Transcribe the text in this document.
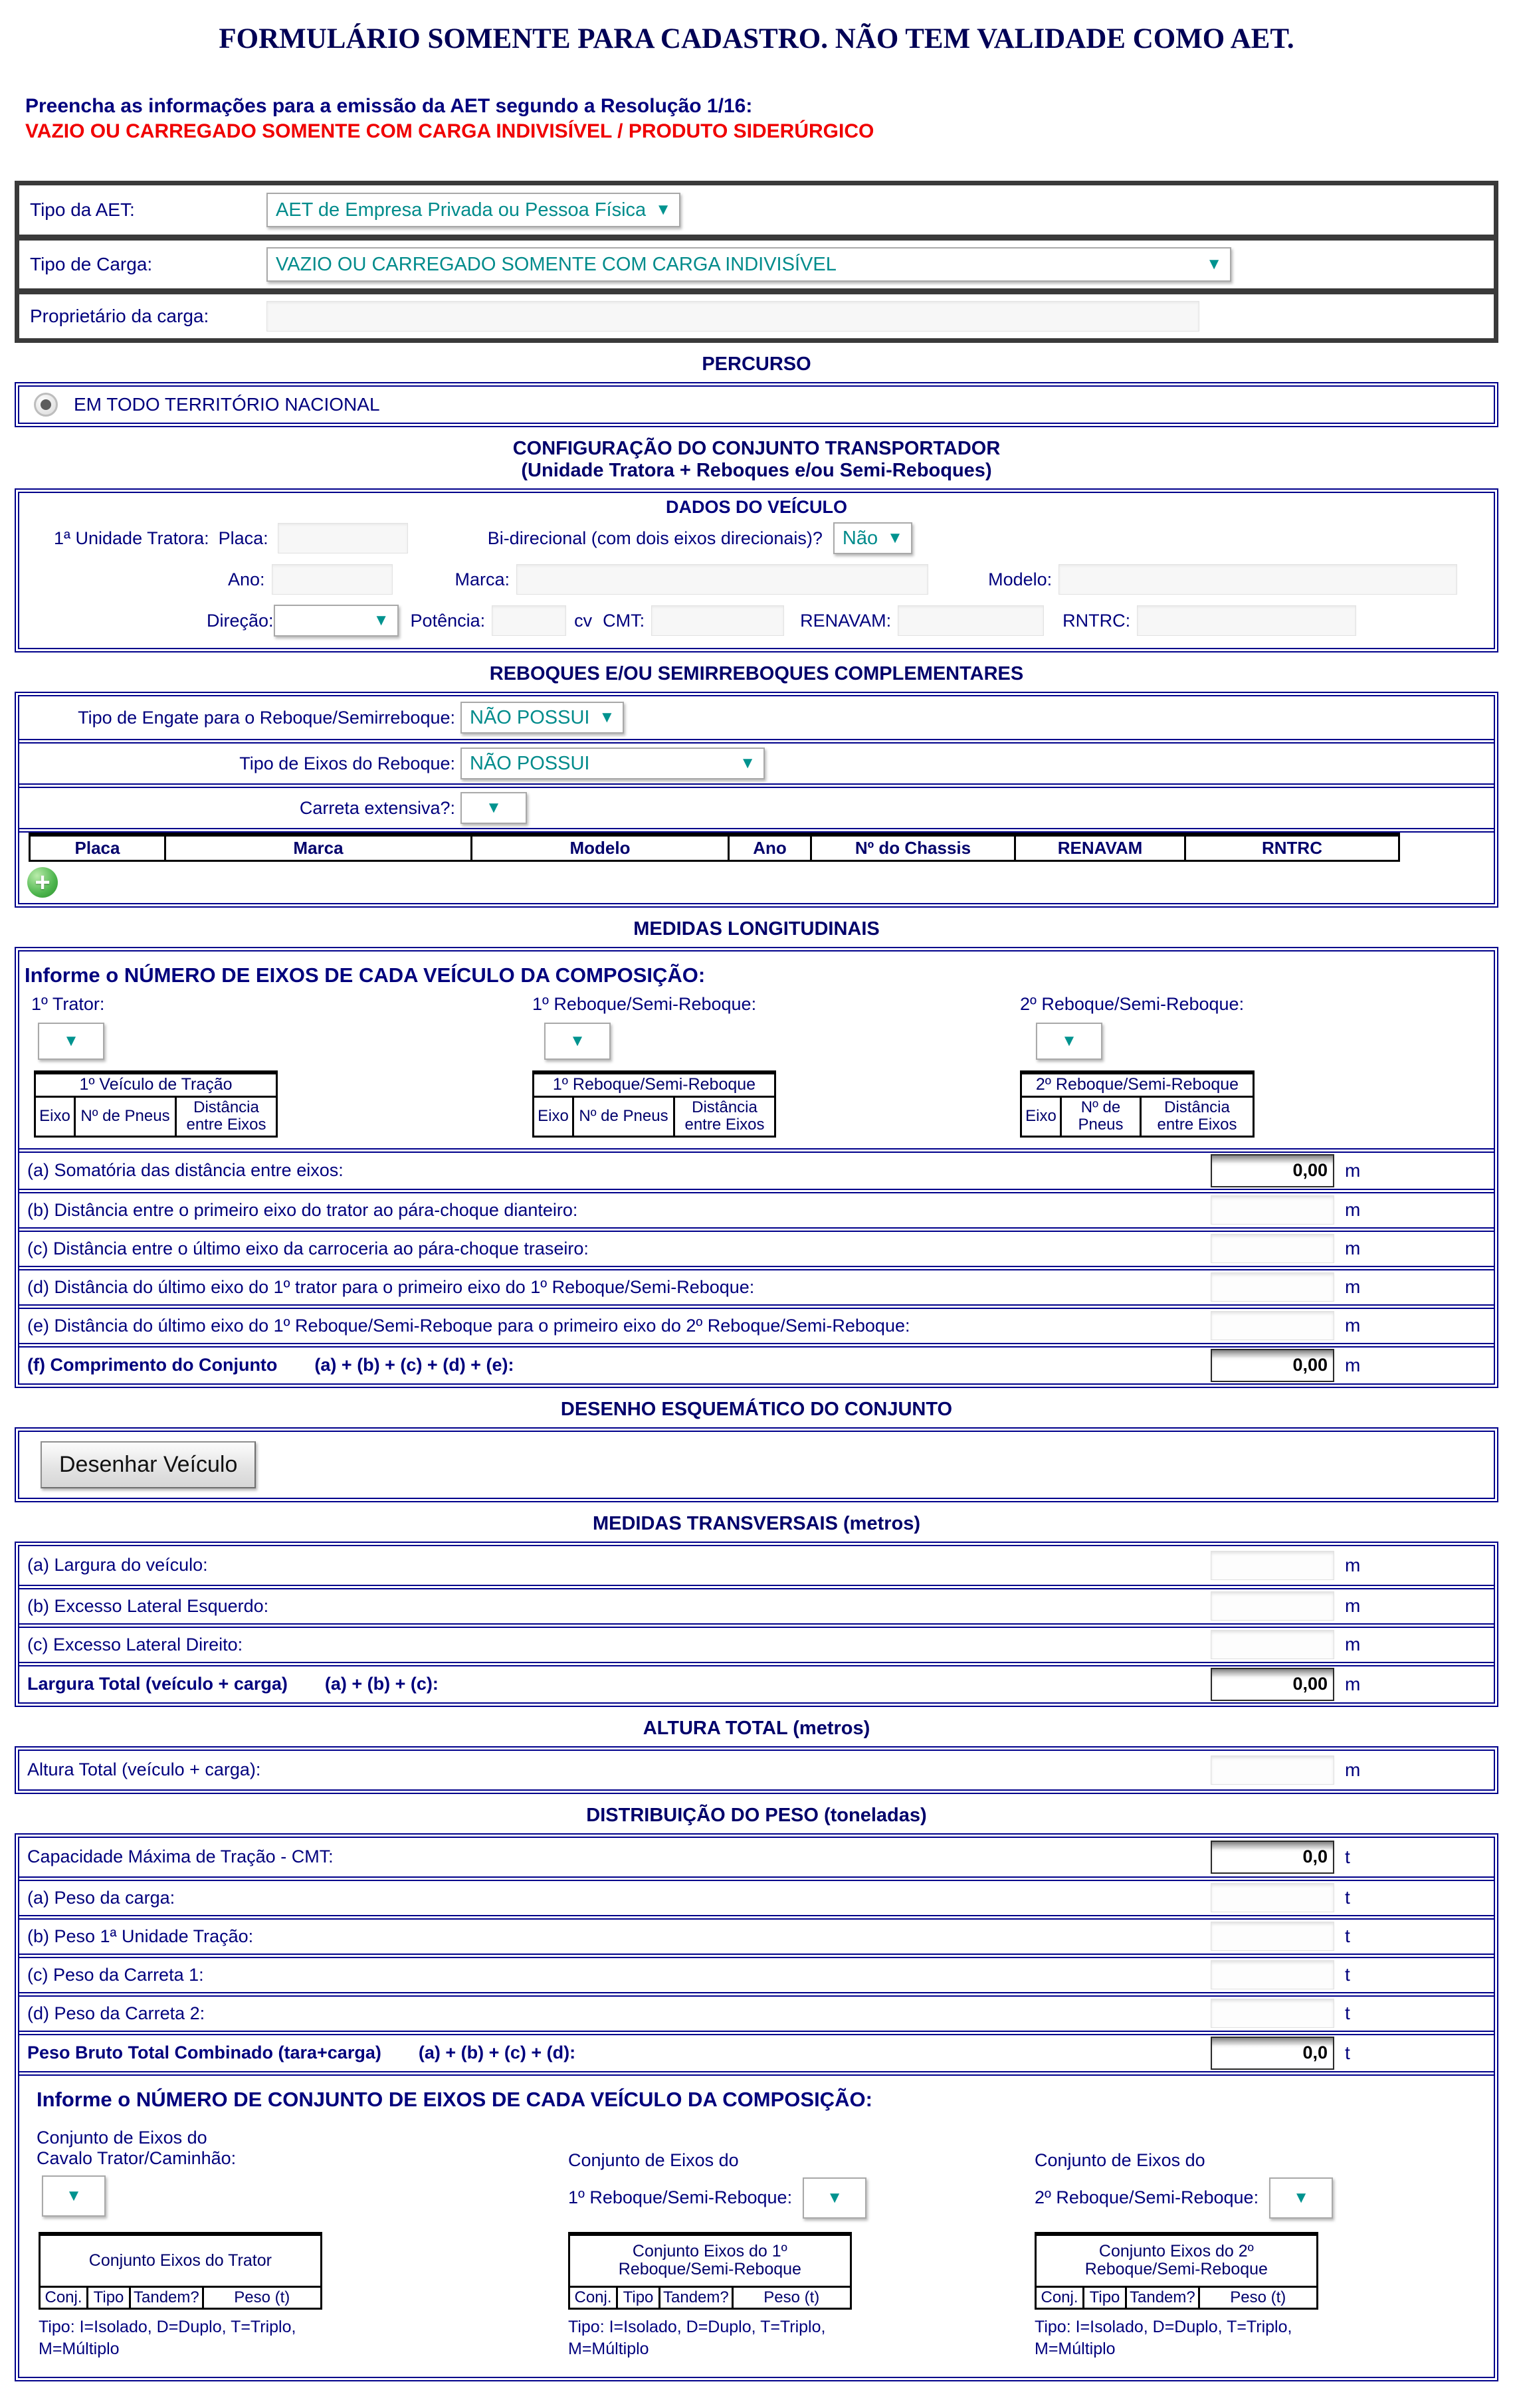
FORMULÁRIO SOMENTE PARA CADASTRO. NÃO TEM VALIDADE COMO AET.
Preencha as informações para a emissão da AET segundo a Resolução 1/16:
VAZIO OU CARREGADO SOMENTE COM CARGA INDIVISÍVEL / PRODUTO SIDERÚRGICO
Tipo da AET:	AET de Empresa Privada ou Pessoa Física ▼
Tipo de Carga:	VAZIO OU CARREGADO SOMENTE COM CARGA INDIVISÍVEL	▼
Proprietário da carga:
PERCURSO
EM TODO TERRITÓRIO NACIONAL
CONFIGURAÇÃO DO CONJUNTO TRANSPORTADOR
(Unidade Tratora + Reboques e/ou Semi-Reboques)
DADOS DO VEÍCULO
1ª Unidade Tratora: Placa:	Bi-direcional (com dois eixos direcionais)? Não ▼
Ano:	Marca:	Modelo:
Direção:	▼ Potência:	cv CMT:	RENAVAM:	RNTRC:
REBOQUES E/OU SEMIRREBOQUES COMPLEMENTARES
Tipo de Engate para o Reboque/Semirreboque: NÃO POSSUI ▼
Tipo de Eixos do Reboque: NÃO POSSUI	▼
Carreta extensiva?:	▼
Placa	Marca	Modelo	Ano	Nº do Chassis	RENAVAM	RNTRC
+
MEDIDAS LONGITUDINAIS
Informe o NÚMERO DE EIXOS DE CADA VEÍCULO DA COMPOSIÇÃO:
1º Trator:
▼
1º Veículo de Tração
Eixo	Nº de Pneus	Distância entre Eixos
1º Reboque/Semi-Reboque:
▼
1º Reboque/Semi-Reboque
Eixo	Nº de Pneus	Distância entre Eixos
2º Reboque/Semi-Reboque:
▼
2º Reboque/Semi-Reboque
Eixo	Nº de Pneus	Distância entre Eixos
(a) Somatória das distância entre eixos:	0,00 m
(b) Distância entre o primeiro eixo do trator ao pára-choque dianteiro:	m
(c) Distância entre o último eixo da carroceria ao pára-choque traseiro:	m
(d) Distância do último eixo do 1º trator para o primeiro eixo do 1º Reboque/Semi-Reboque:	m
(e) Distância do último eixo do 1º Reboque/Semi-Reboque para o primeiro eixo do 2º Reboque/Semi-Reboque:	m
(f) Comprimento do Conjunto (a) + (b) + (c) + (d) + (e):	0,00 m
DESENHO ESQUEMÁTICO DO CONJUNTO
Desenhar Veículo
MEDIDAS TRANSVERSAIS (metros)
(a) Largura do veículo:	m
(b) Excesso Lateral Esquerdo:	m
(c) Excesso Lateral Direito:	m
Largura Total (veículo + carga) (a) + (b) + (c):	0,00 m
ALTURA TOTAL (metros)
Altura Total (veículo + carga):	m
DISTRIBUIÇÃO DO PESO (toneladas)
Capacidade Máxima de Tração - CMT:	0,0 t
(a) Peso da carga:	t
(b) Peso 1ª Unidade Tração:	t
(c) Peso da Carreta 1:	t
(d) Peso da Carreta 2:	t
Peso Bruto Total Combinado (tara+carga) (a) + (b) + (c) + (d):	0,0 t
Informe o NÚMERO DE CONJUNTO DE EIXOS DE CADA VEÍCULO DA COMPOSIÇÃO:
Conjunto de Eixos do
Cavalo Trator/Caminhão:

▼
Conjunto de Eixos do

1º Reboque/Semi-Reboque: ▼
Conjunto de Eixos do

2º Reboque/Semi-Reboque: ▼
Conjunto Eixos do Trator
Conj.	Tipo	Tandem?	Peso (t)
Tipo: I=Isolado, D=Duplo, T=Triplo, M=Múltiplo
Conjunto Eixos do 1º Reboque/Semi-Reboque
Conj.	Tipo	Tandem?	Peso (t)
Tipo: I=Isolado, D=Duplo, T=Triplo, M=Múltiplo
Conjunto Eixos do 2º Reboque/Semi-Reboque
Conj.	Tipo	Tandem?	Peso (t)
Tipo: I=Isolado, D=Duplo, T=Triplo, M=Múltiplo
